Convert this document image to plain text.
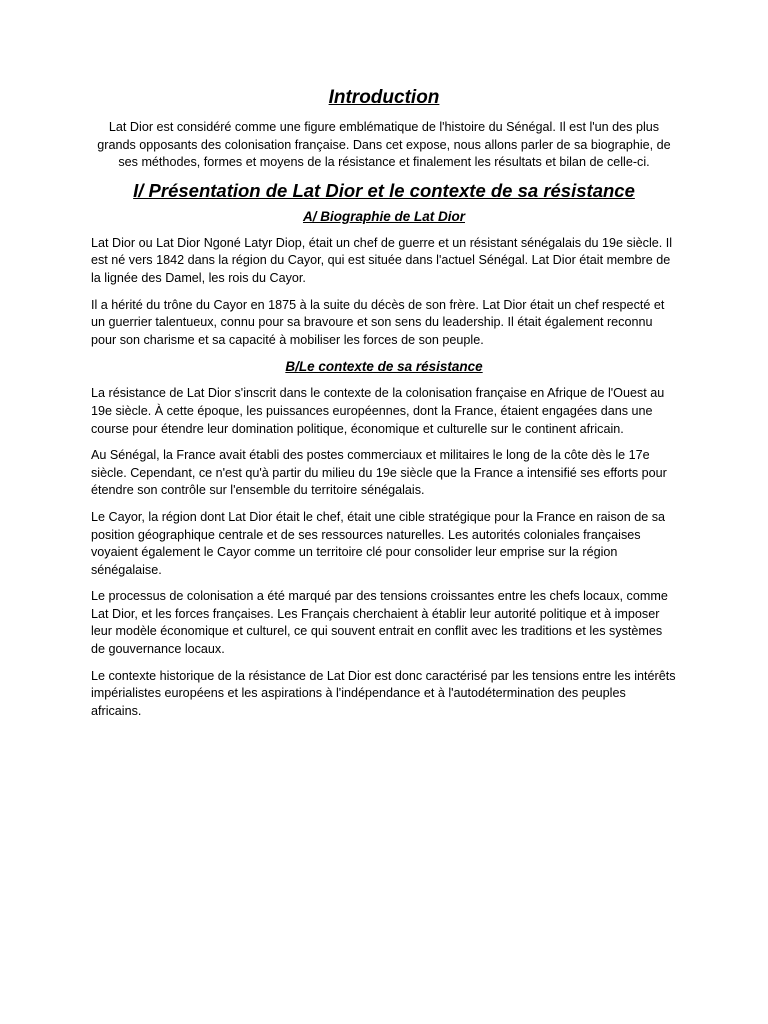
Introduction

Lat Dior est considéré comme une figure emblématique de l'histoire du Sénégal. Il est l'un des plus grands opposants des colonisation française. Dans cet expose, nous allons parler de sa biographie, de ses méthodes, formes et moyens de la résistance et finalement les résultats et bilan de celle-ci.

I/ Présentation de Lat Dior et le contexte de sa résistance
A/ Biographie de Lat Dior

Lat Dior ou Lat Dior Ngoné Latyr Diop, était un chef de guerre et un résistant sénégalais du 19e siècle. Il est né vers 1842 dans la région du Cayor, qui est située dans l'actuel Sénégal. Lat Dior était membre de la lignée des Damel, les rois du Cayor.

Il a hérité du trône du Cayor en 1875 à la suite du décès de son frère. Lat Dior était un chef respecté et un guerrier talentueux, connu pour sa bravoure et son sens du leadership. Il était également reconnu pour son charisme et sa capacité à mobiliser les forces de son peuple.

B/Le contexte de sa résistance

La résistance de Lat Dior s'inscrit dans le contexte de la colonisation française en Afrique de l'Ouest au 19e siècle. À cette époque, les puissances européennes, dont la France, étaient engagées dans une course pour étendre leur domination politique, économique et culturelle sur le continent africain.

Au Sénégal, la France avait établi des postes commerciaux et militaires le long de la côte dès le 17e siècle. Cependant, ce n'est qu'à partir du milieu du 19e siècle que la France a intensifié ses efforts pour étendre son contrôle sur l'ensemble du territoire sénégalais.

Le Cayor, la région dont Lat Dior était le chef, était une cible stratégique pour la France en raison de sa position géographique centrale et de ses ressources naturelles. Les autorités coloniales françaises voyaient également le Cayor comme un territoire clé pour consolider leur emprise sur la région sénégalaise.

Le processus de colonisation a été marqué par des tensions croissantes entre les chefs locaux, comme Lat Dior, et les forces françaises. Les Français cherchaient à établir leur autorité politique et à imposer leur modèle économique et culturel, ce qui souvent entrait en conflit avec les traditions et les systèmes de gouvernance locaux.

Le contexte historique de la résistance de Lat Dior est donc caractérisé par les tensions entre les intérêts impérialistes européens et les aspirations à l'indépendance et à l'autodétermination des peuples africains.
